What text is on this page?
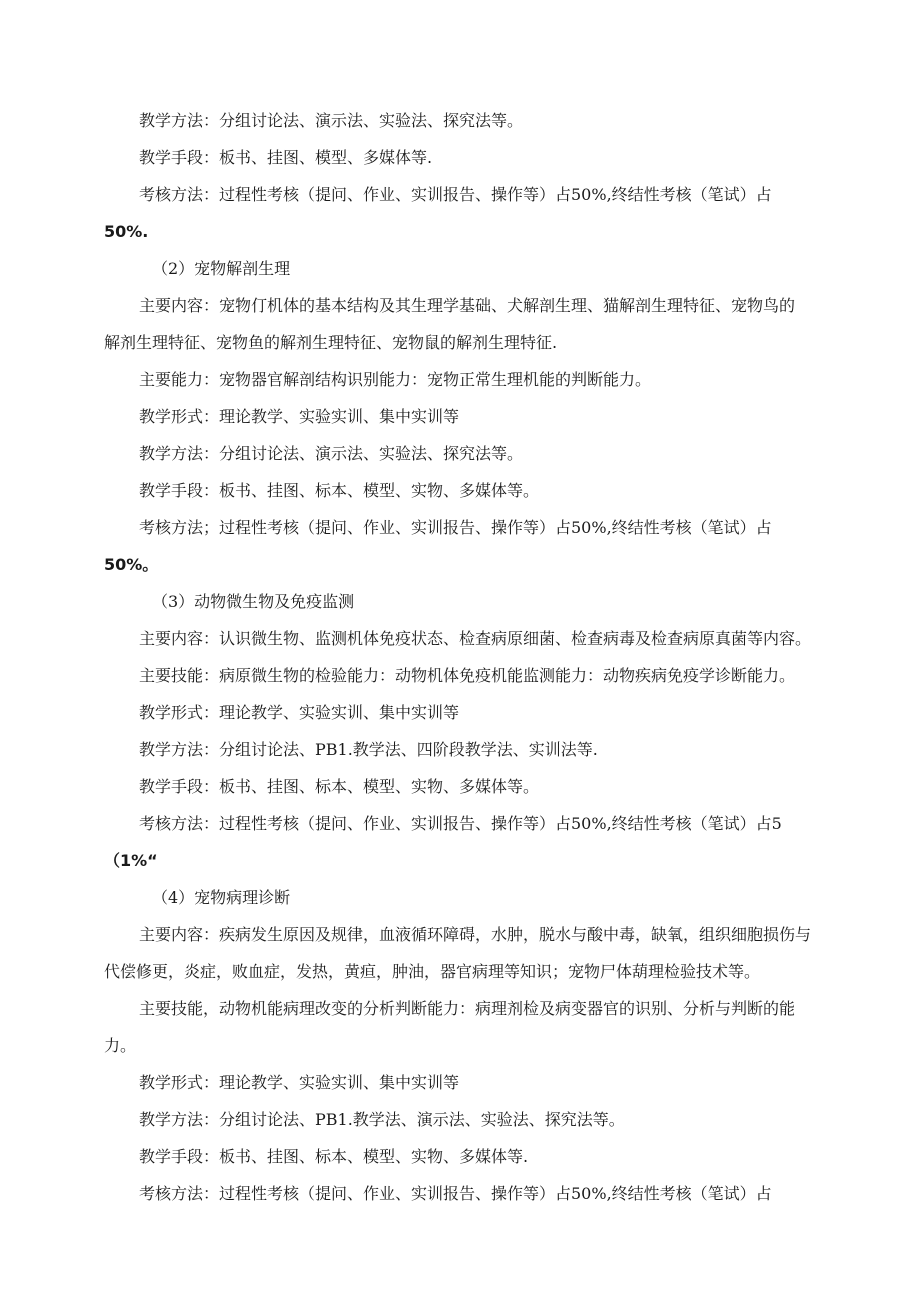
教学方法：分组讨论法、演示法、实验法、探究法等。
教学手段：板书、挂图、模型、多媒体等.
考核方法：过程性考核（提问、作业、实训报告、操作等）占50%,终结性考核（笔试）占
50%.
（2）宠物解剖生理
主要内容：宠物仃机体的基本结构及其生理学基础、犬解剖生理、猫解剖生理特征、宠物鸟的
解剂生理特征、宠物鱼的解剂生理特征、宠物鼠的解剂生理特征.
主要能力：宠物器官解剖结构识别能力：宠物正常生理机能的判断能力。
教学形式：理论教学、实验实训、集中实训等
教学方法：分组讨论法、演示法、实验法、探究法等。
教学手段：板书、挂图、标本、模型、实物、多媒体等。
考核方法；过程性考核（提问、作业、实训报告、操作等）占50%,终结性考核（笔试）占
50%。
（3）动物微生物及免疫监测
主要内容：认识微生物、监测机体免疫状态、检查病原细菌、检查病毒及检查病原真菌等内容。
主要技能：病原微生物的检验能力：动物机体免疫机能监测能力：动物疾病免疫学诊断能力。
教学形式：理论教学、实验实训、集中实训等
教学方法：分组讨论法、PB1.教学法、四阶段教学法、实训法等.
教学手段：板书、挂图、标本、模型、实物、多媒体等。
考核方法：过程性考核（提问、作业、实训报告、操作等）占50%,终结性考核（笔试）占5
（1%“
（4）宠物病理诊断
主要内容：疾病发生原因及规律，血液循环障碍，水肿，脱水与酸中毒，缺氧，组织细胞损伤与
代偿修更，炎症，败血症，发热，黄疸，肿油，器官病理等知识；宠物尸体葫理检验技术等。
主要技能，动物机能病理改变的分析判断能力：病理剂检及病变器官的识别、分析与判断的能
力。
教学形式：理论教学、实验实训、集中实训等
教学方法：分组讨论法、PB1.教学法、演示法、实验法、探究法等。
教学手段：板书、挂图、标本、模型、实物、多媒体等.
考核方法：过程性考核（提问、作业、实训报告、操作等）占50%,终结性考核（笔试）占
